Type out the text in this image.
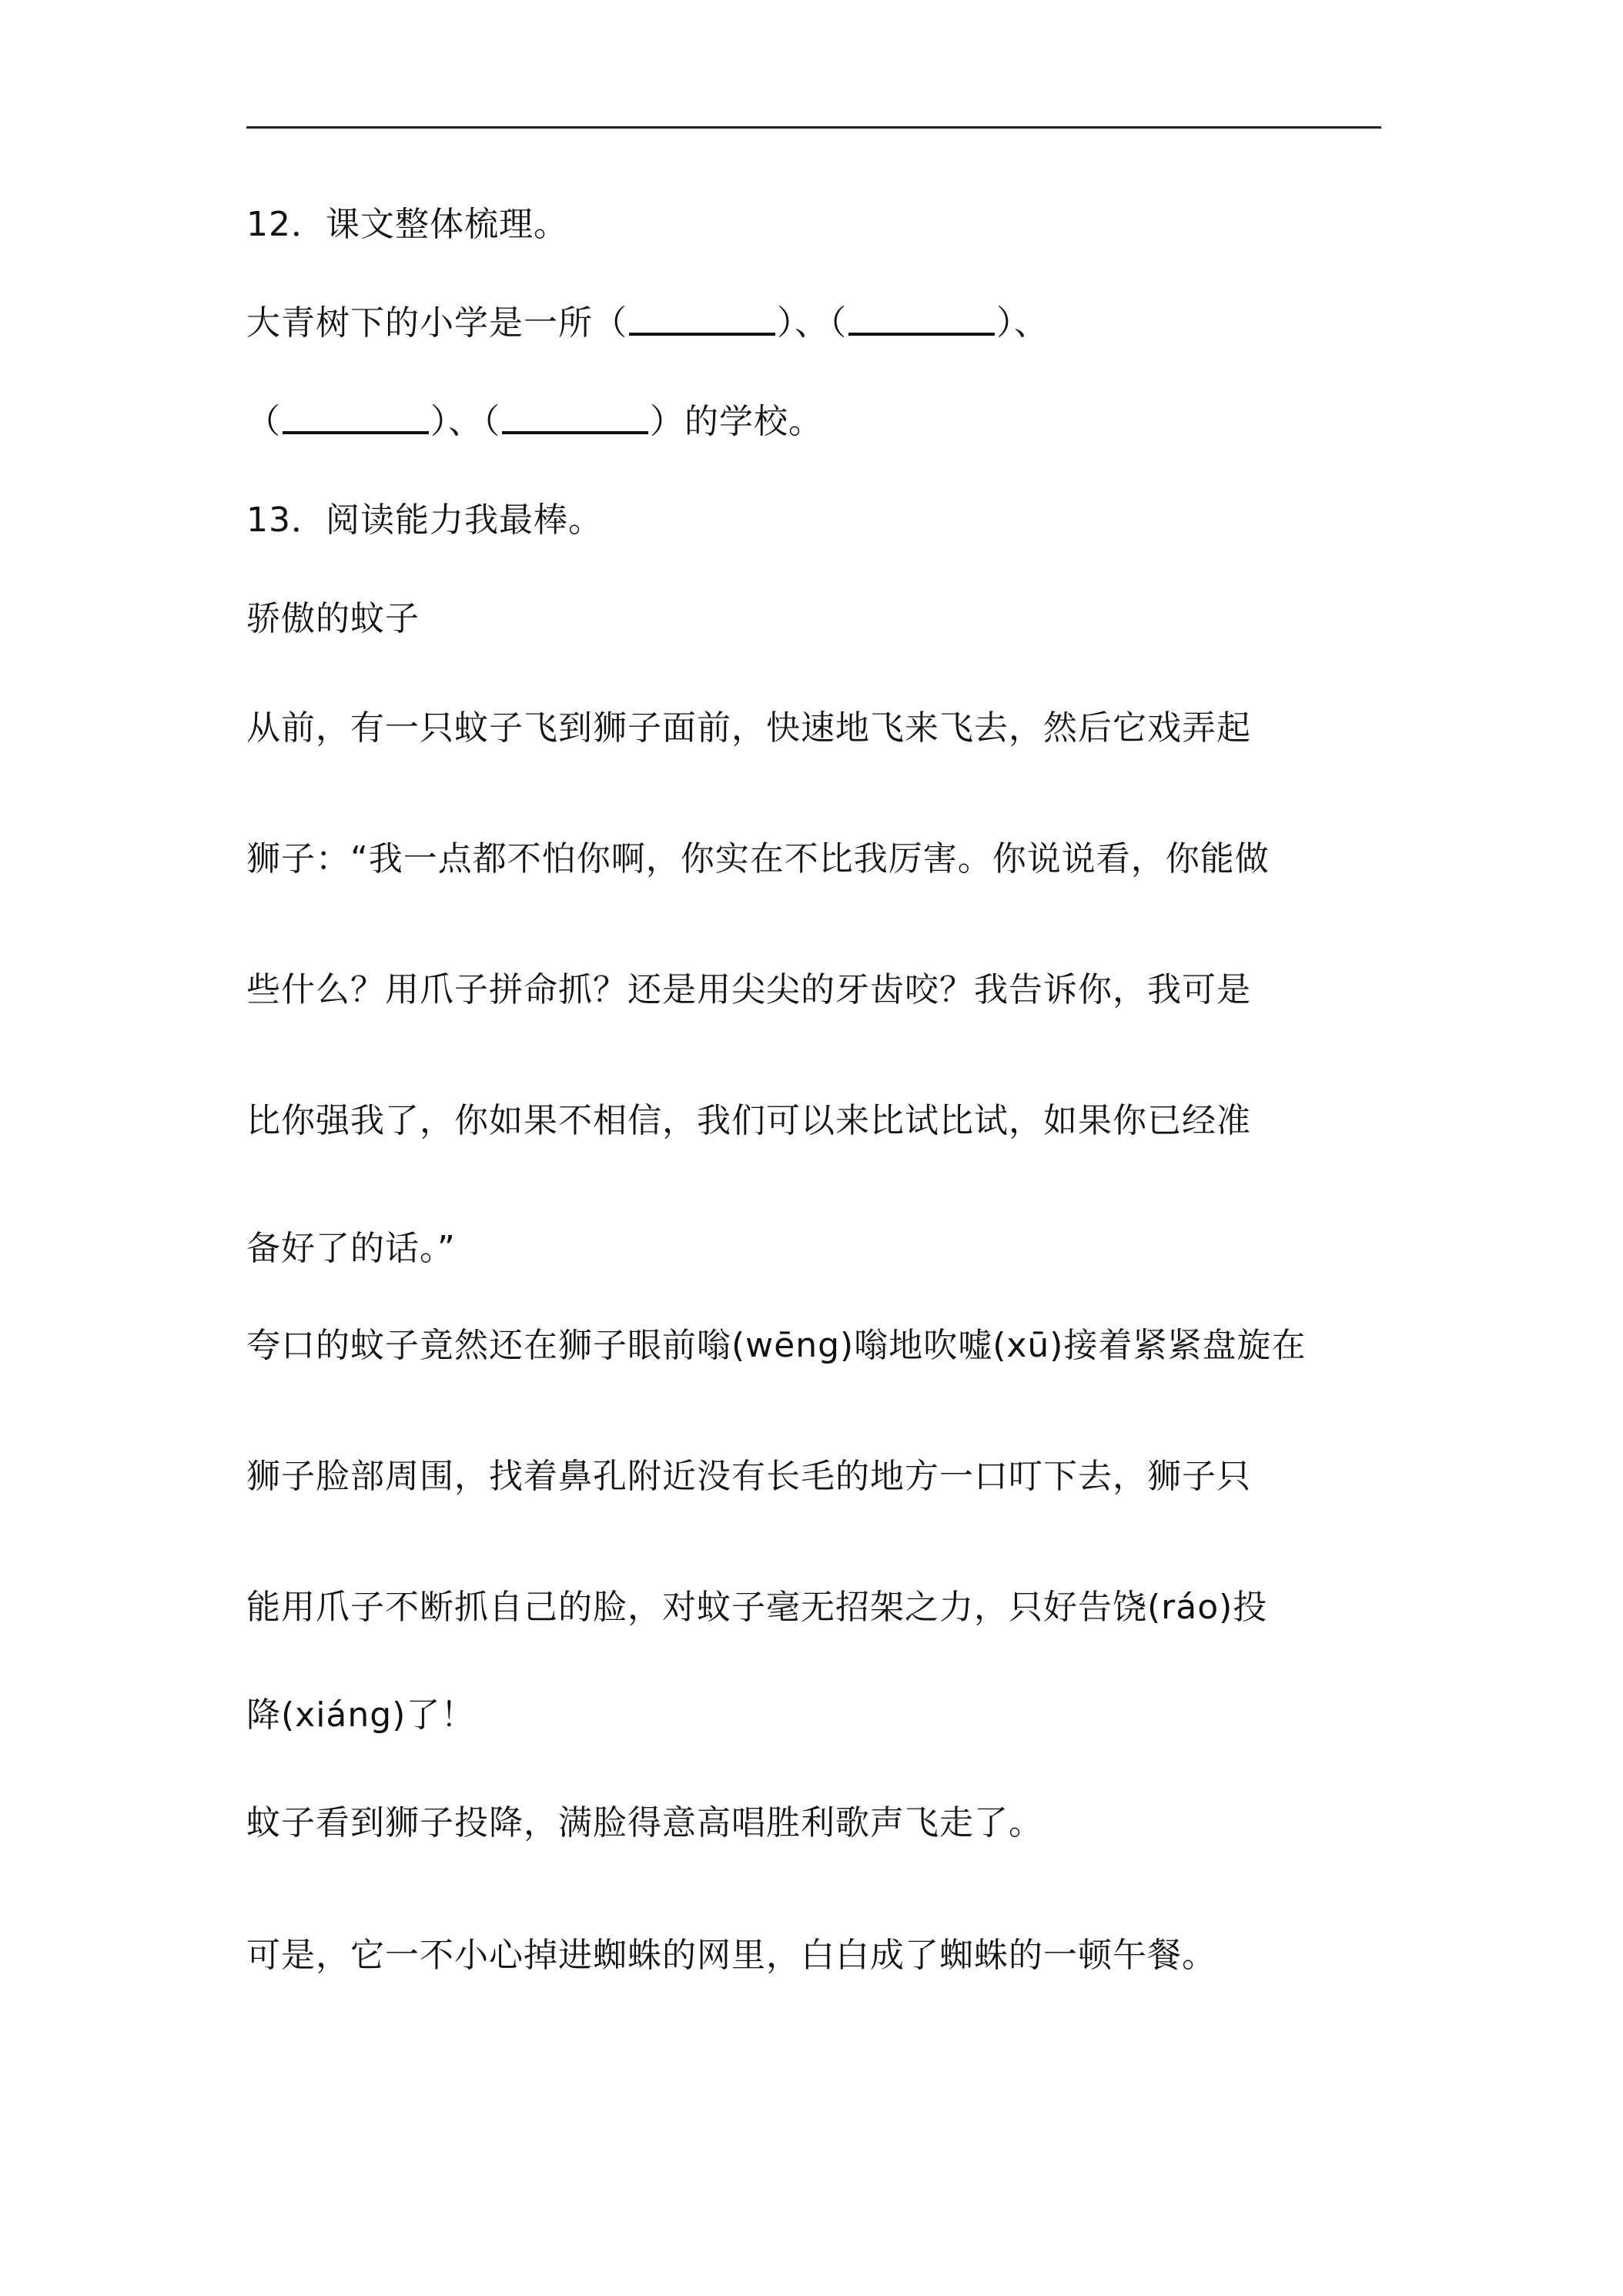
12．课文整体梳理。
大青树下的小学是一所（	）、（	）、
（	）、（	）的学校。
13．阅读能力我最棒。
骄傲的蚊子
从前，有一只蚊子飞到狮子面前，快速地飞来飞去，然后它戏弄起
狮子：“我一点都不怕你啊，你实在不比我厉害。你说说看，你能做
些什么？用爪子拼命抓？还是用尖尖的牙齿咬？我告诉你，我可是
比你强我了，你如果不相信，我们可以来比试比试，如果你已经准
备好了的话。”
夸口的蚊子竟然还在狮子眼前嗡(wēng)嗡地吹嘘(xū)接着紧紧盘旋在
狮子脸部周围，找着鼻孔附近没有长毛的地方一口叮下去，狮子只
能用爪子不断抓自己的脸，对蚊子毫无招架之力，只好告饶(ráo)投
降(xiáng)了！
蚊子看到狮子投降，满脸得意高唱胜利歌声飞走了。
可是，它一不小心掉进蜘蛛的网里，白白成了蜘蛛的一顿午餐。
